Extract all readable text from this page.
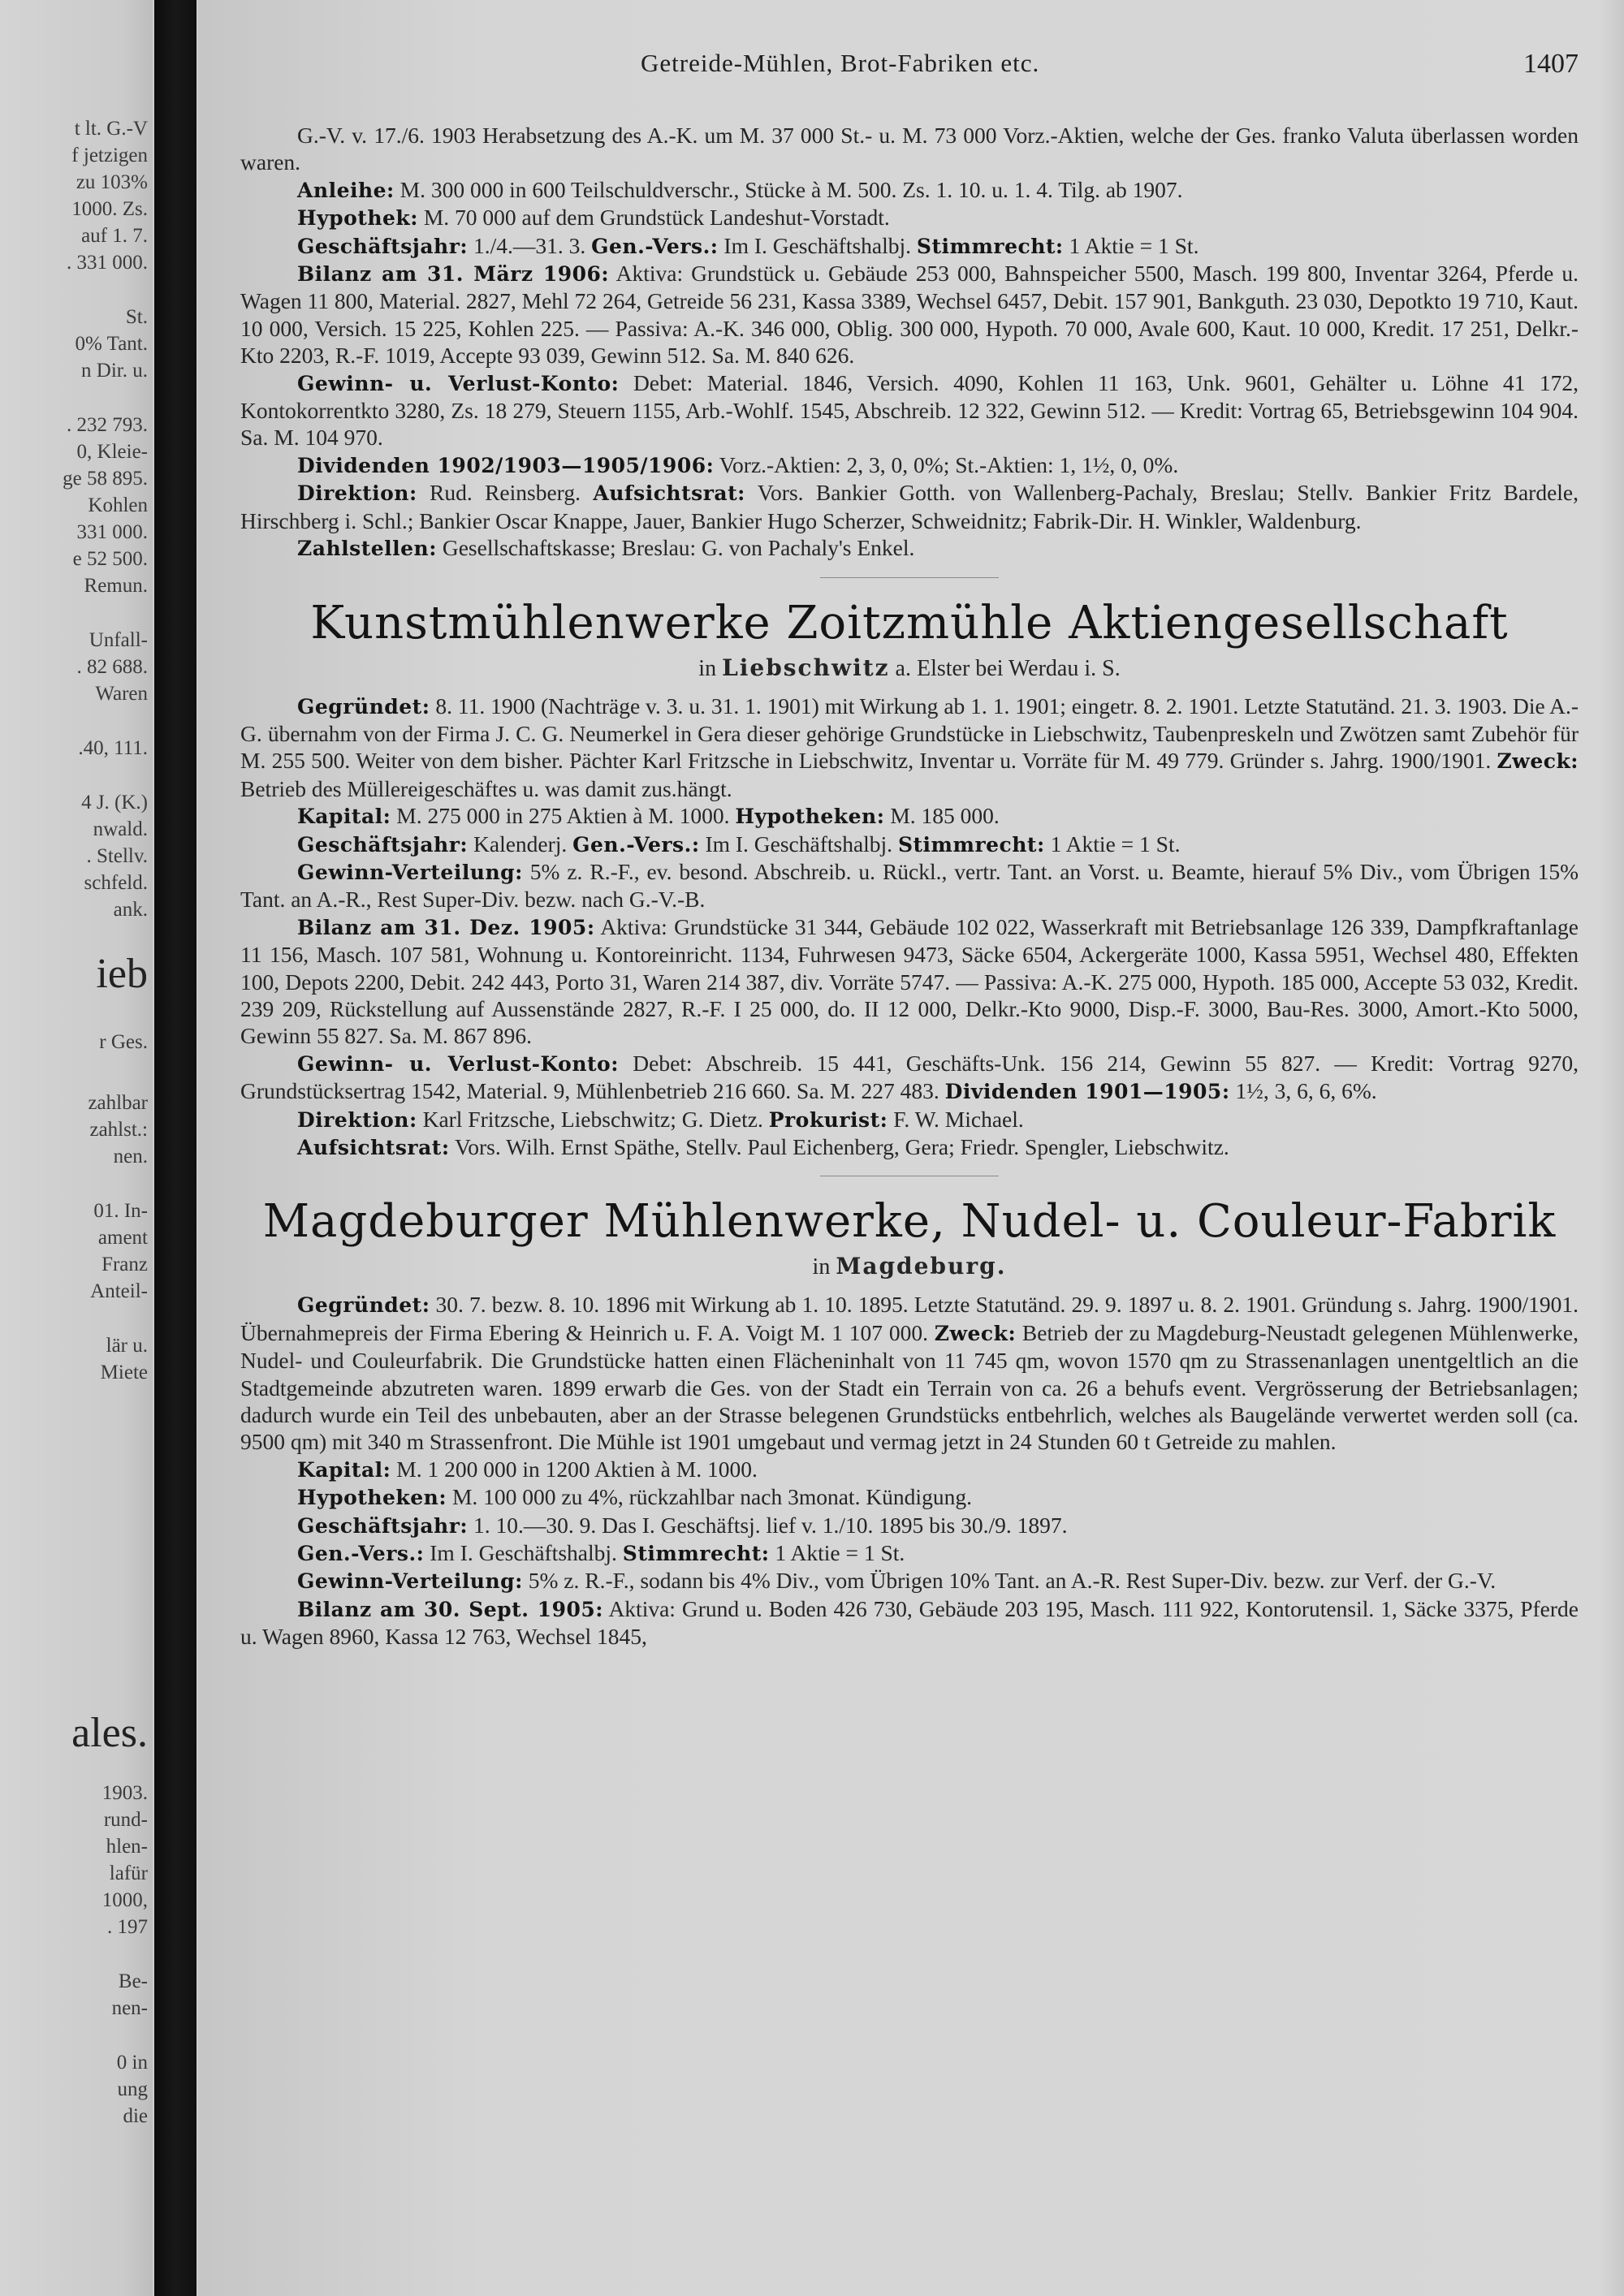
t lt. G.-V
f jetzigen
zu 103%
1000. Zs.
auf 1. 7.
. 331 000.
St.
0% Tant.
n Dir. u.
. 232 793.
0, Kleie-
ge 58 895.
Kohlen
331 000.
e 52 500.
Remun.
Unfall-
. 82 688.
Waren
.40, 111.
4 J. (K.)
nwald.
. Stellv.
schfeld.
ank.
ieb
r Ges.
zahlbar
zahlst.:
nen.
01. In-
ament
Franz
Anteil-
lär u.
Miete
ales.
1903.
rund-
hlen-
lafür
1000,
. 197
Be-
nen-
0 in
ung
die
Getreide-Mühlen, Brot-Fabriken etc.	1407

G.-V. v. 17./6. 1903 Herabsetzung des A.-K. um M. 37 000 St.- u. M. 73 000 Vorz.-Aktien, welche der Ges. franko Valuta überlassen worden waren.

Anleihe: M. 300 000 in 600 Teilschuldverschr., Stücke à M. 500. Zs. 1. 10. u. 1. 4. Tilg. ab 1907.

Hypothek: M. 70 000 auf dem Grundstück Landeshut-Vorstadt.

Geschäftsjahr: 1./4.—31. 3. Gen.-Vers.: Im I. Geschäftshalbj. Stimmrecht: 1 Aktie = 1 St.

Bilanz am 31. März 1906: Aktiva: Grundstück u. Gebäude 253 000, Bahnspeicher 5500, Masch. 199 800, Inventar 3264, Pferde u. Wagen 11 800, Material. 2827, Mehl 72 264, Getreide 56 231, Kassa 3389, Wechsel 6457, Debit. 157 901, Bankguth. 23 030, Depotkto 19 710, Kaut. 10 000, Versich. 15 225, Kohlen 225. — Passiva: A.-K. 346 000, Oblig. 300 000, Hypoth. 70 000, Avale 600, Kaut. 10 000, Kredit. 17 251, Delkr.-Kto 2203, R.-F. 1019, Accepte 93 039, Gewinn 512. Sa. M. 840 626.

Gewinn- u. Verlust-Konto: Debet: Material. 1846, Versich. 4090, Kohlen 11 163, Unk. 9601, Gehälter u. Löhne 41 172, Kontokorrentkto 3280, Zs. 18 279, Steuern 1155, Arb.-Wohlf. 1545, Abschreib. 12 322, Gewinn 512. — Kredit: Vortrag 65, Betriebsgewinn 104 904. Sa. M. 104 970.

Dividenden 1902/1903—1905/1906: Vorz.-Aktien: 2, 3, 0, 0%; St.-Aktien: 1, 1½, 0, 0%.

Direktion: Rud. Reinsberg. Aufsichtsrat: Vors. Bankier Gotth. von Wallenberg-Pachaly, Breslau; Stellv. Bankier Fritz Bardele, Hirschberg i. Schl.; Bankier Oscar Knappe, Jauer, Bankier Hugo Scherzer, Schweidnitz; Fabrik-Dir. H. Winkler, Waldenburg.

Zahlstellen: Gesellschaftskasse; Breslau: G. von Pachaly's Enkel.

Kunstmühlenwerke Zoitzmühle Aktiengesellschaft

in Liebschwitz a. Elster bei Werdau i. S.

Gegründet: 8. 11. 1900 (Nachträge v. 3. u. 31. 1. 1901) mit Wirkung ab 1. 1. 1901; eingetr. 8. 2. 1901. Letzte Statutänd. 21. 3. 1903. Die A.-G. übernahm von der Firma J. C. G. Neumerkel in Gera dieser gehörige Grundstücke in Liebschwitz, Taubenpreskeln und Zwötzen samt Zubehör für M. 255 500. Weiter von dem bisher. Pächter Karl Fritzsche in Liebschwitz, Inventar u. Vorräte für M. 49 779. Gründer s. Jahrg. 1900/1901. Zweck: Betrieb des Müllereigeschäftes u. was damit zus.hängt.

Kapital: M. 275 000 in 275 Aktien à M. 1000. Hypotheken: M. 185 000.

Geschäftsjahr: Kalenderj. Gen.-Vers.: Im I. Geschäftshalbj. Stimmrecht: 1 Aktie = 1 St.

Gewinn-Verteilung: 5% z. R.-F., ev. besond. Abschreib. u. Rückl., vertr. Tant. an Vorst. u. Beamte, hierauf 5% Div., vom Übrigen 15% Tant. an A.-R., Rest Super-Div. bezw. nach G.-V.-B.

Bilanz am 31. Dez. 1905: Aktiva: Grundstücke 31 344, Gebäude 102 022, Wasserkraft mit Betriebsanlage 126 339, Dampfkraftanlage 11 156, Masch. 107 581, Wohnung u. Kontoreinricht. 1134, Fuhrwesen 9473, Säcke 6504, Ackergeräte 1000, Kassa 5951, Wechsel 480, Effekten 100, Depots 2200, Debit. 242 443, Porto 31, Waren 214 387, div. Vorräte 5747. — Passiva: A.-K. 275 000, Hypoth. 185 000, Accepte 53 032, Kredit. 239 209, Rückstellung auf Aussenstände 2827, R.-F. I 25 000, do. II 12 000, Delkr.-Kto 9000, Disp.-F. 3000, Bau-Res. 3000, Amort.-Kto 5000, Gewinn 55 827. Sa. M. 867 896.

Gewinn- u. Verlust-Konto: Debet: Abschreib. 15 441, Geschäfts-Unk. 156 214, Gewinn 55 827. — Kredit: Vortrag 9270, Grundstücksertrag 1542, Material. 9, Mühlenbetrieb 216 660. Sa. M. 227 483. Dividenden 1901—1905: 1½, 3, 6, 6, 6%.

Direktion: Karl Fritzsche, Liebschwitz; G. Dietz. Prokurist: F. W. Michael.

Aufsichtsrat: Vors. Wilh. Ernst Späthe, Stellv. Paul Eichenberg, Gera; Friedr. Spengler, Liebschwitz.

Magdeburger Mühlenwerke, Nudel- u. Couleur-Fabrik

in Magdeburg.

Gegründet: 30. 7. bezw. 8. 10. 1896 mit Wirkung ab 1. 10. 1895. Letzte Statutänd. 29. 9. 1897 u. 8. 2. 1901. Gründung s. Jahrg. 1900/1901. Übernahmepreis der Firma Ebering & Heinrich u. F. A. Voigt M. 1 107 000. Zweck: Betrieb der zu Magdeburg-Neustadt gelegenen Mühlenwerke, Nudel- und Couleurfabrik. Die Grundstücke hatten einen Flächeninhalt von 11 745 qm, wovon 1570 qm zu Strassenanlagen unentgeltlich an die Stadtgemeinde abzutreten waren. 1899 erwarb die Ges. von der Stadt ein Terrain von ca. 26 a behufs event. Vergrösserung der Betriebsanlagen; dadurch wurde ein Teil des unbebauten, aber an der Strasse belegenen Grundstücks entbehrlich, welches als Baugelände verwertet werden soll (ca. 9500 qm) mit 340 m Strassenfront. Die Mühle ist 1901 umgebaut und vermag jetzt in 24 Stunden 60 t Getreide zu mahlen.

Kapital: M. 1 200 000 in 1200 Aktien à M. 1000.

Hypotheken: M. 100 000 zu 4%, rückzahlbar nach 3monat. Kündigung.

Geschäftsjahr: 1. 10.—30. 9. Das I. Geschäftsj. lief v. 1./10. 1895 bis 30./9. 1897.

Gen.-Vers.: Im I. Geschäftshalbj. Stimmrecht: 1 Aktie = 1 St.

Gewinn-Verteilung: 5% z. R.-F., sodann bis 4% Div., vom Übrigen 10% Tant. an A.-R. Rest Super-Div. bezw. zur Verf. der G.-V.

Bilanz am 30. Sept. 1905: Aktiva: Grund u. Boden 426 730, Gebäude 203 195, Masch. 111 922, Kontorutensil. 1, Säcke 3375, Pferde u. Wagen 8960, Kassa 12 763, Wechsel 1845,
